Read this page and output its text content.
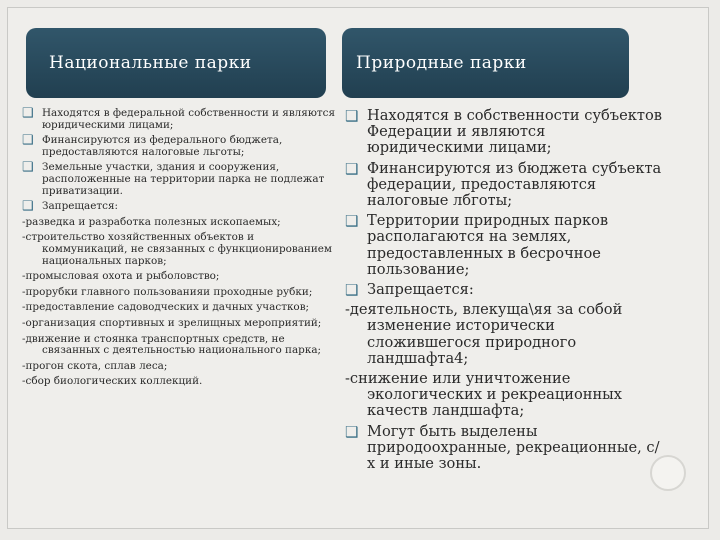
Национальные парки	Природные парки
❑ Находятся в федеральной собственности и являются юридическими лицами;
❑ Финансируются из федерального бюджета, предоставляются налоговые льготы;
❑ Земельные участки, здания и сооружения, расположенные на территории парка не подлежат приватизации.
❑ Запрещается:
-разведка и разработка полезных ископаемых;
-строительство хозяйственных объектов и коммуникаций, не связанных с функционированием национальных парков;
-промысловая охота и рыболовство;
-прорубки главного пользованияи проходные рубки;
-предоставление садоводческих и дачных участков;
-организация спортивных и зрелищных мероприятий;
-движение и стоянка транспортных средств, не связанных с деятельностью национального парка;
-прогон скота, сплав леса;
-сбор биологических коллекций.
❑ Находятся в собственности субъектов Федерации и являются юридическими лицами;
❑ Финансируются из бюджета субъекта федерации, предоставляются налоговые лбготы;
❑ Территории природных парков располагаются на землях, предоставленных в бесрочное пользование;
❑ Запрещается:
-деятельность, влекуща\яя за собой изменение исторически сложившегося природного ландшафта4;
-снижение или уничтожение экологических и рекреационных качеств ландшафта;
❑ Могут быть выделены природоохранные, рекреационные, с/х и иные зоны.
